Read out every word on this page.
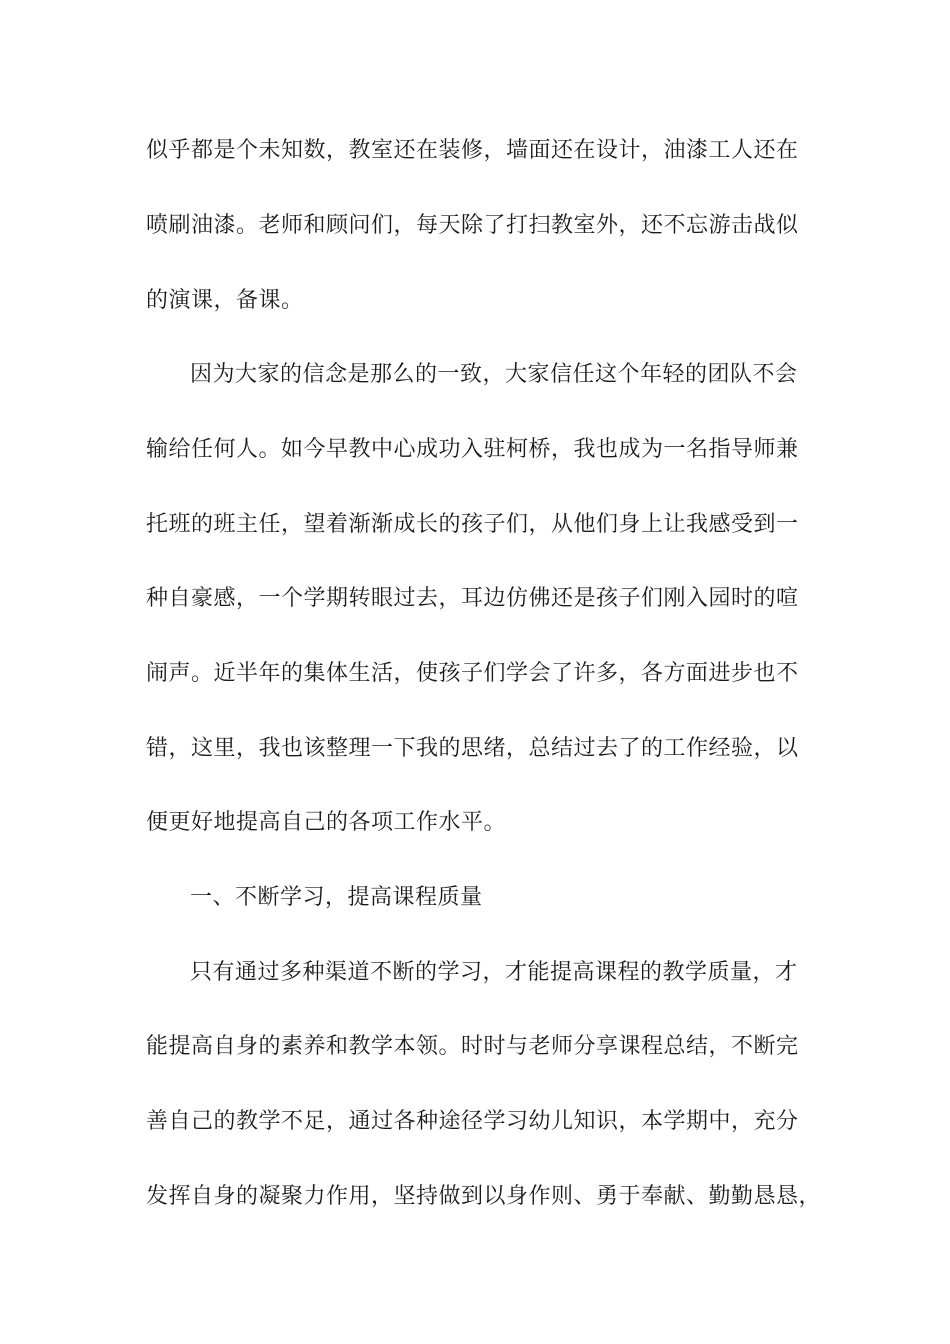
似乎都是个未知数，教室还在装修，墙面还在设计，油漆工人还在
喷刷油漆。老师和顾问们，每天除了打扫教室外，还不忘游击战似
的演课，备课。
因为大家的信念是那么的一致，大家信任这个年轻的团队不会
输给任何人。如今早教中心成功入驻柯桥，我也成为一名指导师兼
托班的班主任，望着渐渐成长的孩子们，从他们身上让我感受到一
种自豪感，一个学期转眼过去，耳边仿佛还是孩子们刚入园时的喧
闹声。近半年的集体生活，使孩子们学会了许多，各方面进步也不
错，这里，我也该整理一下我的思绪，总结过去了的工作经验，以
便更好地提高自己的各项工作水平。
一、不断学习，提高课程质量
只有通过多种渠道不断的学习，才能提高课程的教学质量，才
能提高自身的素养和教学本领。时时与老师分享课程总结，不断完
善自己的教学不足，通过各种途径学习幼儿知识，本学期中，充分
发挥自身的凝聚力作用，坚持做到以身作则、勇于奉献、勤勤恳恳，
